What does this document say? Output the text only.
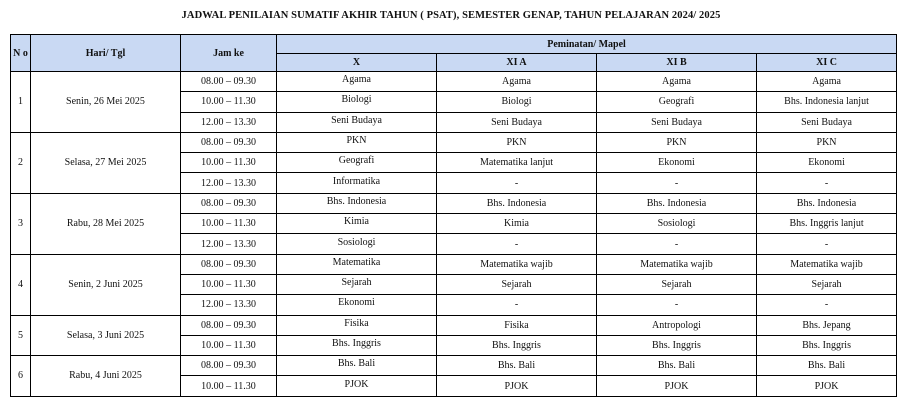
JADWAL PENILAIAN SUMATIF AKHIR TAHUN ( PSAT), SEMESTER GENAP, TAHUN PELAJARAN 2024/ 2025
N o	Hari/ Tgl	Jam ke	Peminatan/ Mapel			
			X	XI A	XI B	XI C
1	Senin, 26 Mei 2025	08.00 – 09.30	Agama	Agama	Agama	Agama
		10.00 – 11.30	Biologi	Biologi	Geografi	Bhs. Indonesia lanjut
		12.00 – 13.30	Seni Budaya	Seni Budaya	Seni Budaya	Seni Budaya
2	Selasa, 27 Mei 2025	08.00 – 09.30	PKN	PKN	PKN	PKN
		10.00 – 11.30	Geografi	Matematika lanjut	Ekonomi	Ekonomi
		12.00 – 13.30	Informatika	-	-	-
3	Rabu, 28 Mei 2025	08.00 – 09.30	Bhs. Indonesia	Bhs. Indonesia	Bhs. Indonesia	Bhs. Indonesia
		10.00 – 11.30	Kimia	Kimia	Sosiologi	Bhs. Inggris lanjut
		12.00 – 13.30	Sosiologi	-	-	-
4	Senin, 2 Juni 2025	08.00 – 09.30	Matematika	Matematika wajib	Matematika wajib	Matematika wajib
		10.00 – 11.30	Sejarah	Sejarah	Sejarah	Sejarah
		12.00 – 13.30	Ekonomi	-	-	-
5	Selasa, 3 Juni 2025	08.00 – 09.30	Fisika	Fisika	Antropologi	Bhs. Jepang
		10.00 – 11.30	Bhs. Inggris	Bhs. Inggris	Bhs. Inggris	Bhs. Inggris
6	Rabu, 4 Juni 2025	08.00 – 09.30	Bhs. Bali	Bhs. Bali	Bhs. Bali	Bhs. Bali
		10.00 – 11.30	PJOK	PJOK	PJOK	PJOK
